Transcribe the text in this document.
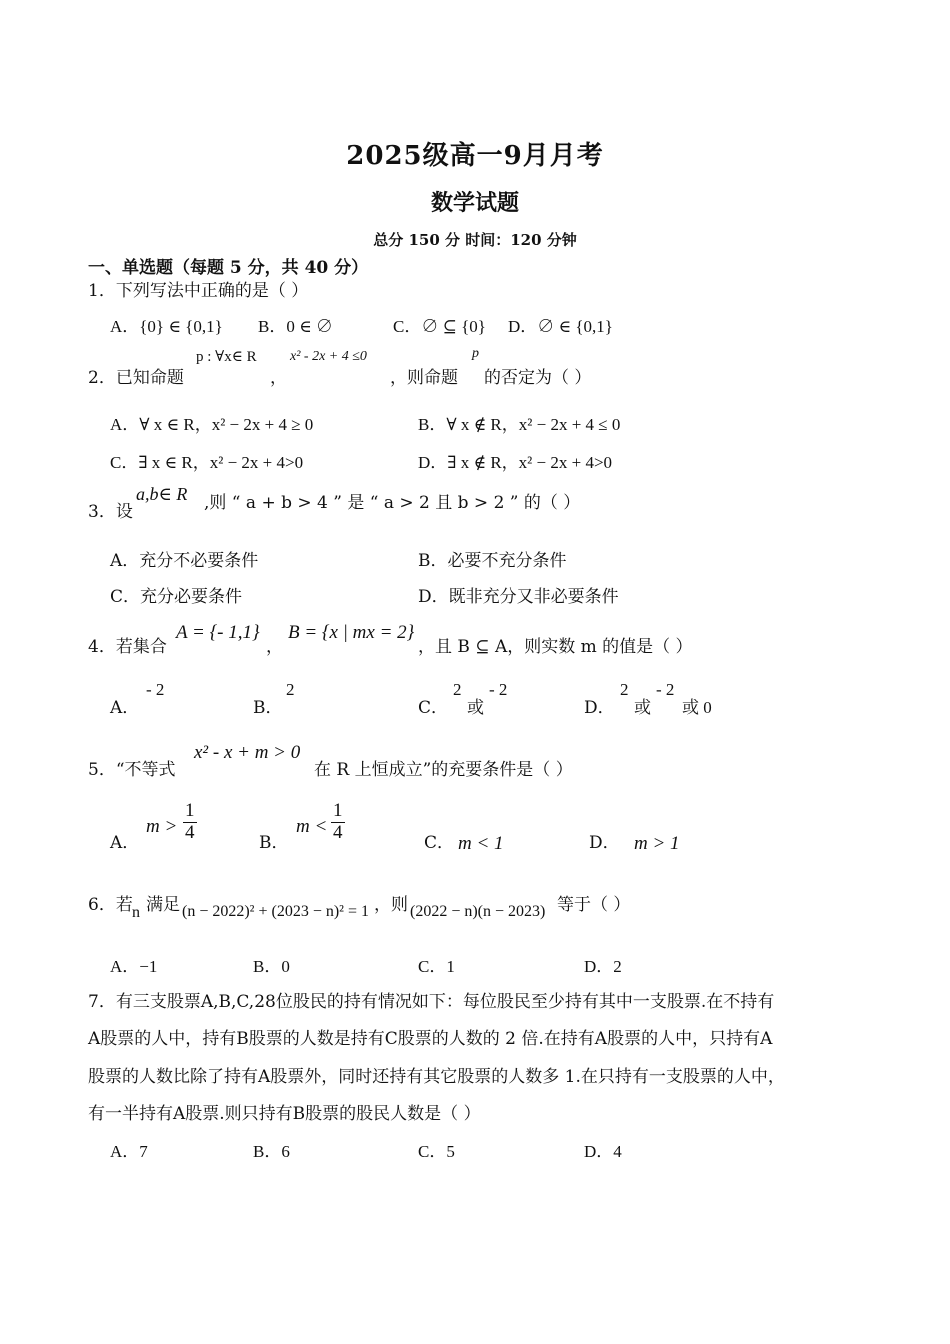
2025级高一9月月考
数学试题
总分 150 分 时间：120 分钟
一、单选题（每题 5 分，共 40 分）
1．下列写法中正确的是（ ）
A．{0} ∈ {0,1} B．0 ∈ ∅	C．∅ ⊆ {0} D．∅ ∈ {0,1}
2．已知命题
p : ∀x∈ R
，
x² - 2x + 4 ≤0
，则命题
p
的否定为（ ）
A．∀ x ∈ R，x² − 2x + 4 ≥ 0	B．∀ x ∉ R，x² − 2x + 4 ≤ 0
C．∃ x ∈ R，x² − 2x + 4>0	D．∃ x ∉ R，x² − 2x + 4>0
3．设
a,b∈ R ,则 “ a + b > 4 ” 是 “ a > 2 且 b > 2 ” 的（ ）
A．充分不必要条件	B．必要不充分条件
C．充分必要条件	D．既非充分又非必要条件
4．若集合
A = {- 1,1}
，
B = {x | mx = 2}
，且 B ⊆ A，则实数 m 的值是（ ）
A．
- 2
B．
2
C．
2
或
- 2
D．
2
或
- 2
或 0
5．“不等式
x² - x + m > 0
在 R 上恒成立”的充要条件是（ ）
A．
$m > \frac{1}{4}$	B．
$m < \frac{1}{4}$	C． m < 1	D． m > 1
6．若 n 满足 (n − 2022)² + (2023 − n)² = 1 ，则 (2022 − n)(n − 2023) 等于（ ）
A．−1	B．0	C．1	D．2
7．有三支股票A,B,C,28位股民的持有情况如下：每位股民至少持有其中一支股票.在不持有
A股票的人中，持有B股票的人数是持有C股票的人数的 2 倍.在持有A股票的人中，只持有A
股票的人数比除了持有A股票外，同时还持有其它股票的人数多 1.在只持有一支股票的人中，
有一半持有A股票.则只持有B股票的股民人数是（ ）
A．7	B．6	C．5	D．4
